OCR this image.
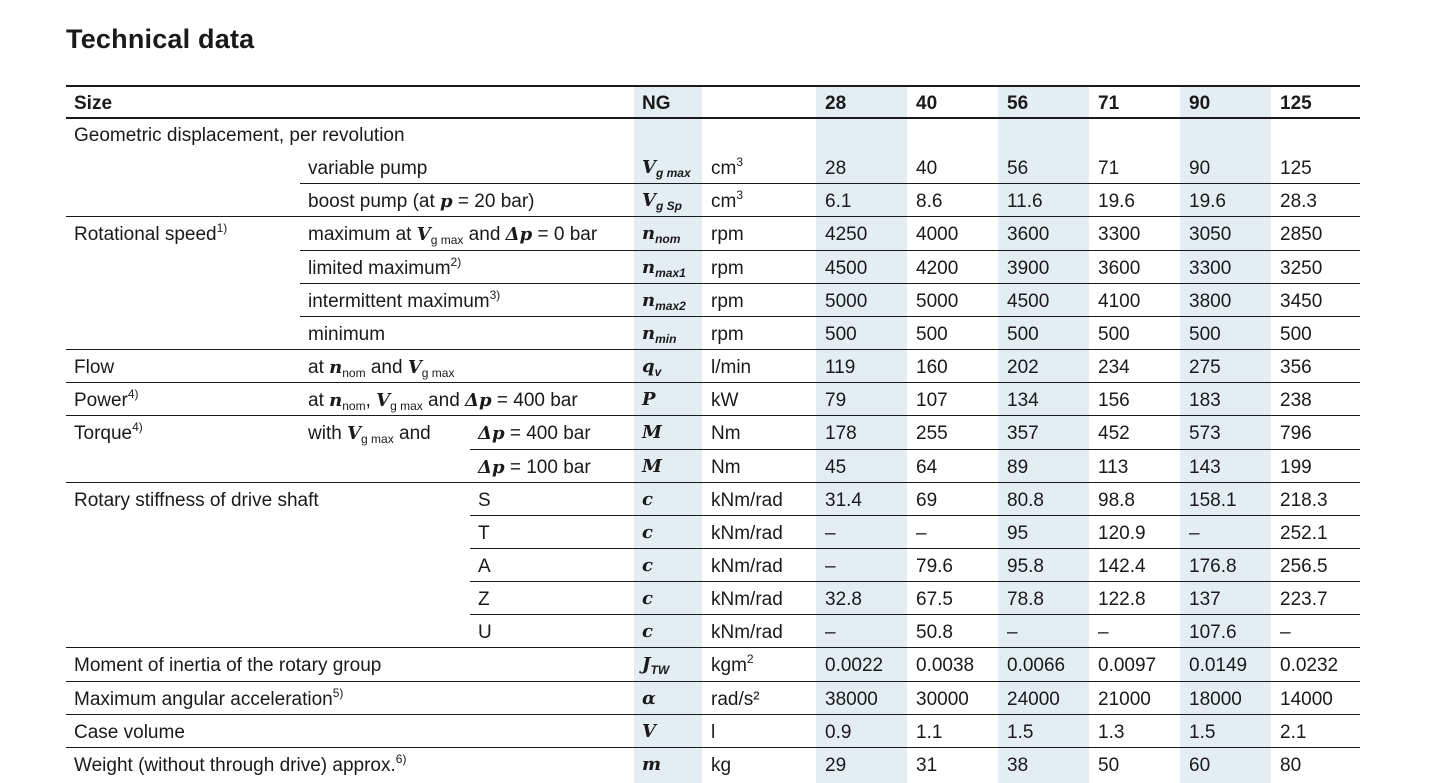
Technical data
Size	NG	28	40	56	71	90	125
Geometric displacement, per revolution
variable pump	$V_{g max}$ $cm^3$	28	40	56	71	90	125
boost pump (at p = 20 bar)	$V_{g Sp}$ $cm^3$	6.1	8.6	11.6	19.6	19.6	28.3
Rotational speed$^{1)}$	maximum at $V_{g max}$ and Δp = 0 bar $n_{nom}$ rpm	4250	4000	3600	3300	3050	2850
limited maximum$^{2)}$	$n_{max1}$ rpm	4500	4200	3900	3600	3300	3250
intermittent maximum$^{3)}$	$n_{max2}$ rpm	5000	5000	4500	4100	3800	3450
minimum	$n_{min}$ rpm	500	500	500	500	500	500
Flow	at $n_{nom}$ and $V_{g max}$	$q_v$	l/min	119	160	202	234	275	356
Power$^{4)}$	at $n_{nom}$, $V_{g max}$ and Δp = 400 bar	P	kW	79	107	134	156	183	238
Torque$^{4)}$	with $V_{g max}$ and	Δp = 400 bar	M	Nm	178	255	357	452	573	796
Δp = 100 bar	M	Nm	45	64	89	113	143	199
Rotary stiffness of drive shaft	S	c	kNm/rad 31.4	69	80.8	98.8	158.1 218.3
T	c	kNm/rad –	–	95	120.9 –	252.1
A	c	kNm/rad –	79.6	95.8	142.4 176.8 256.5
Z	c	kNm/rad 32.8	67.5	78.8	122.8 137	223.7
U	c	kNm/rad –	50.8	–	–	107.6 –
Moment of inertia of the rotary group	$J_{TW}$ kgm$^2$	0.0022 0.0038 0.0066 0.0097 0.0149 0.0232
Maximum angular acceleration$^{5)}$	α	rad/s²	38000 30000 24000 21000 18000 14000
Case volume	V	l	0.9	1.1	1.5	1.3	1.5	2.1
Weight (without through drive) approx.$^{6)}$	m	kg	29	31	38	50	60	80
